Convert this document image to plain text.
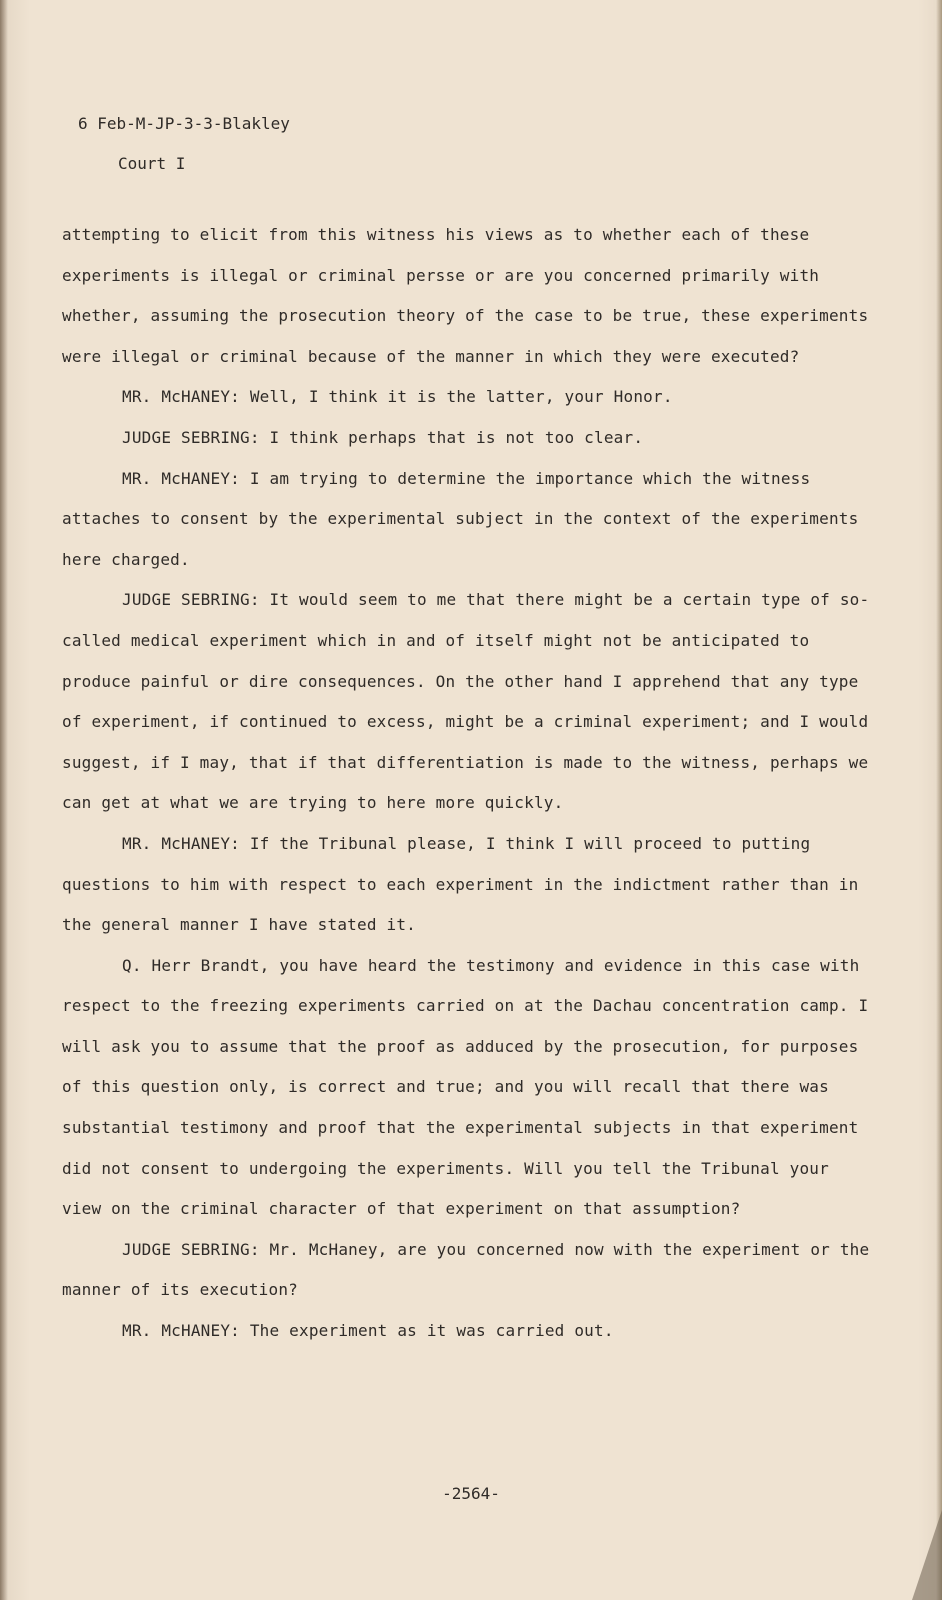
6 Feb-M-JP-3-3-Blakley
Court I

attempting to elicit from this witness his views as to whether each of these experiments is illegal or criminal persse or are you concerned primarily with whether, assuming the prosecution theory of the case to be true, these experiments were illegal or criminal because of the manner in which they were executed?

MR. McHANEY: Well, I think it is the latter, your Honor.

JUDGE SEBRING: I think perhaps that is not too clear.

MR. McHANEY: I am trying to determine the importance which the witness attaches to consent by the experimental subject in the context of the experiments here charged.

JUDGE SEBRING: It would seem to me that there might be a certain type of so-called medical experiment which in and of itself might not be anticipated to produce painful or dire consequences. On the other hand I apprehend that any type of experiment, if continued to excess, might be a criminal experiment; and I would suggest, if I may, that if that differentiation is made to the witness, perhaps we can get at what we are trying to here more quickly.

MR. McHANEY: If the Tribunal please, I think I will proceed to putting questions to him with respect to each experiment in the indictment rather than in the general manner I have stated it.

Q. Herr Brandt, you have heard the testimony and evidence in this case with respect to the freezing experiments carried on at the Dachau concentration camp. I will ask you to assume that the proof as adduced by the prosecution, for purposes of this question only, is correct and true; and you will recall that there was substantial testimony and proof that the experimental subjects in that experiment did not consent to undergoing the experiments. Will you tell the Tribunal your view on the criminal character of that experiment on that assumption?

JUDGE SEBRING: Mr. McHaney, are you concerned now with the experiment or the manner of its execution?

MR. McHANEY: The experiment as it was carried out.

-2564-
